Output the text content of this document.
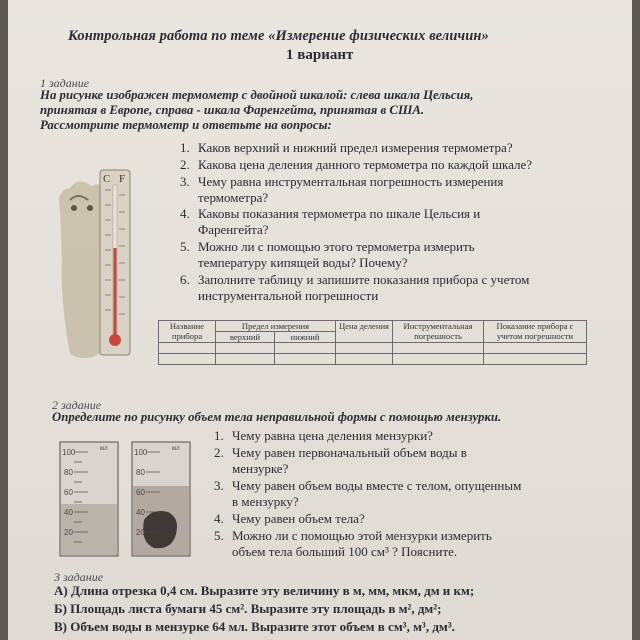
Контрольная работа по теме «Измерение физических величин»
1 вариант
1 задание
На рисунке изображен термометр с двойной шкалой: слева шкала Цельсия,
принятая в Европе, справа - шкала Фаренгейта, принятая в США.
Рассмотрите термометр и ответьте на вопросы:
C F
1. Каков верхний и нижний предел измерения термометра?
2. Какова цена деления данного термометра по каждой шкале?
3. Чему равна инструментальная погрешность измерения
термометра?
4. Каковы показания термометра по шкале Цельсия и
Фаренгейта?
5. Можно ли с помощью этого термометра измерить
температуру кипящей воды? Почему?
6. Заполните таблицу и запишите показания прибора с учетом
инструментальной погрешности
Название прибора	Предел измерения		Цена деления	Инструментальная погрешность	Показание прибора с учетом погрешности
	верхний	нижний			

2 задание
Определите по рисунку объем тела неправильной формы с помощью мензурки.
100
80
60
40
20
мл	100
80
60
40
20
мл
1. Чему равна цена деления мензурки?
2. Чему равен первоначальный объем воды в
мензурке?
3. Чему равен объем воды вместе с телом, опущенным
в мензурку?
4. Чему равен объем тела?
5. Можно ли с помощью этой мензурки измерить
объем тела больший 100 см³ ? Поясните.
3 задание
А) Длина отрезка 0,4 см. Выразите эту величину в м, мм, мкм, дм и км;
Б) Площадь листа бумаги 45 см². Выразите эту площадь в м², дм²;
В) Объем воды в мензурке 64 мл. Выразите этот объем в см³, м³, дм³.
